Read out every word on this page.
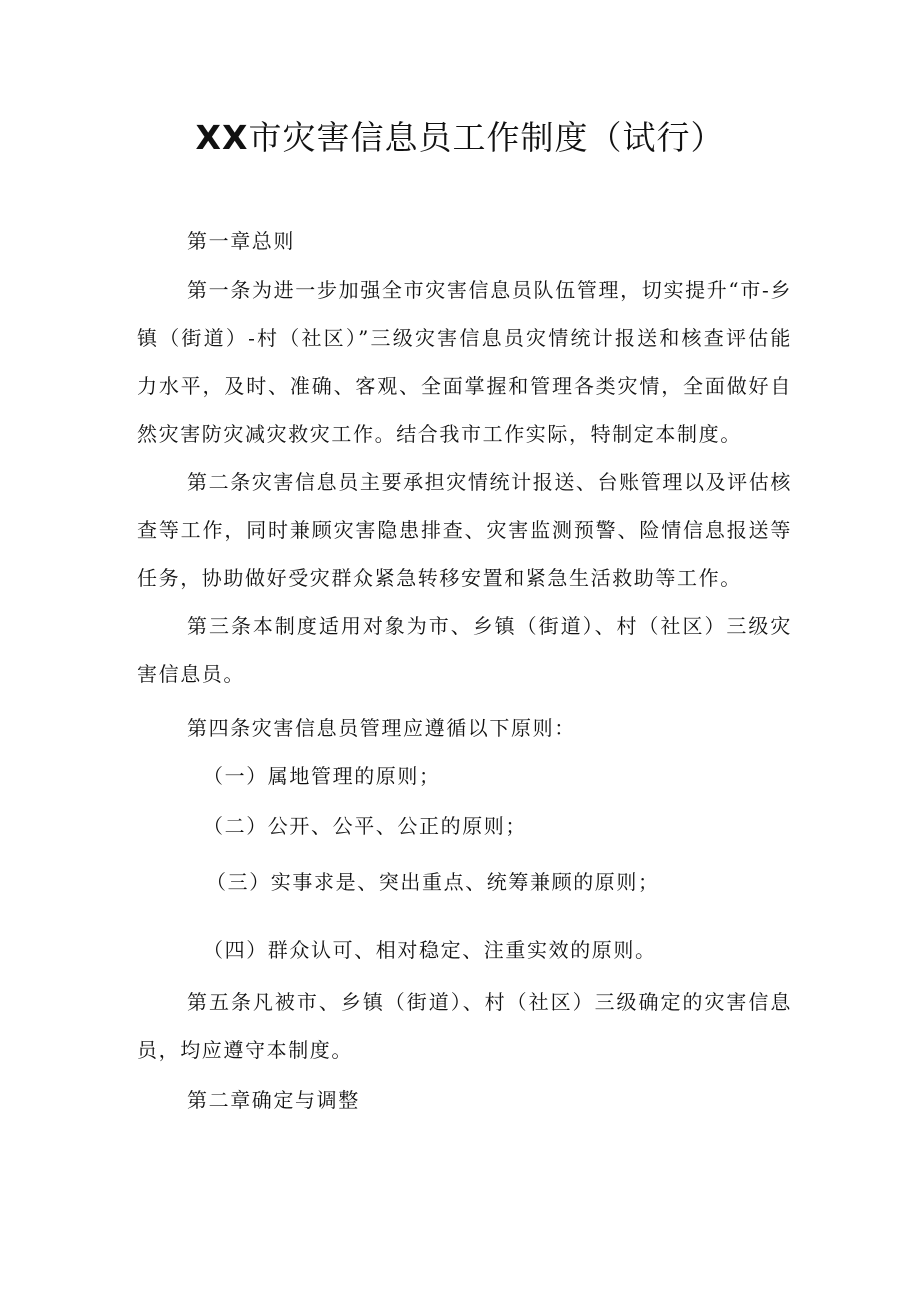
XX市灾害信息员工作制度（试行）

第一章总则

第一条为进一步加强全市灾害信息员队伍管理，切实提升“市-乡镇（街道）-村（社区）”三级灾害信息员灾情统计报送和核查评估能力水平，及时、准确、客观、全面掌握和管理各类灾情，全面做好自然灾害防灾减灾救灾工作。结合我市工作实际，特制定本制度。

第二条灾害信息员主要承担灾情统计报送、台账管理以及评估核查等工作，同时兼顾灾害隐患排查、灾害监测预警、险情信息报送等任务，协助做好受灾群众紧急转移安置和紧急生活救助等工作。

第三条本制度适用对象为市、乡镇（街道）、村（社区）三级灾害信息员。

第四条灾害信息员管理应遵循以下原则：

（一）属地管理的原则；

（二）公开、公平、公正的原则；

（三）实事求是、突出重点、统筹兼顾的原则；

（四）群众认可、相对稳定、注重实效的原则。

第五条凡被市、乡镇（街道）、村（社区）三级确定的灾害信息员，均应遵守本制度。

第二章确定与调整
